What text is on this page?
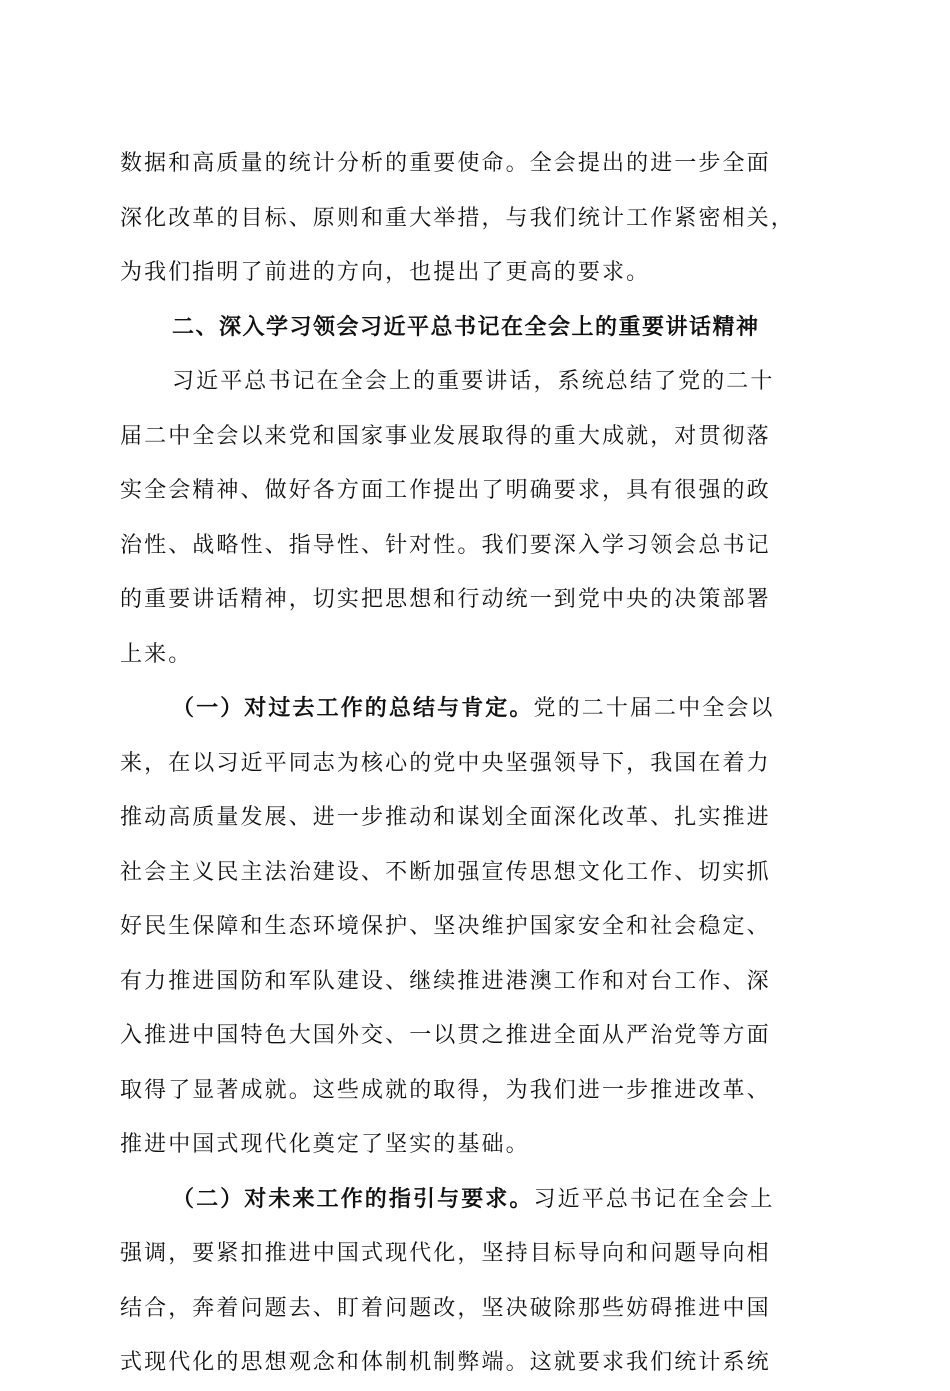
数据和高质量的统计分析的重要使命。全会提出的进一步全面
深化改革的目标、原则和重大举措，与我们统计工作紧密相关，
为我们指明了前进的方向，也提出了更高的要求。
二、深入学习领会习近平总书记在全会上的重要讲话精神
习近平总书记在全会上的重要讲话，系统总结了党的二十
届二中全会以来党和国家事业发展取得的重大成就，对贯彻落
实全会精神、做好各方面工作提出了明确要求，具有很强的政
治性、战略性、指导性、针对性。我们要深入学习领会总书记
的重要讲话精神，切实把思想和行动统一到党中央的决策部署
上来。
（一）对过去工作的总结与肯定。党的二十届二中全会以
来，在以习近平同志为核心的党中央坚强领导下，我国在着力
推动高质量发展、进一步推动和谋划全面深化改革、扎实推进
社会主义民主法治建设、不断加强宣传思想文化工作、切实抓
好民生保障和生态环境保护、坚决维护国家安全和社会稳定、
有力推进国防和军队建设、继续推进港澳工作和对台工作、深
入推进中国特色大国外交、一以贯之推进全面从严治党等方面
取得了显著成就。这些成就的取得，为我们进一步推进改革、
推进中国式现代化奠定了坚实的基础。
（二）对未来工作的指引与要求。习近平总书记在全会上
强调，要紧扣推进中国式现代化，坚持目标导向和问题导向相
结合，奔着问题去、盯着问题改，坚决破除那些妨碍推进中国
式现代化的思想观念和体制机制弊端。这就要求我们统计系统
